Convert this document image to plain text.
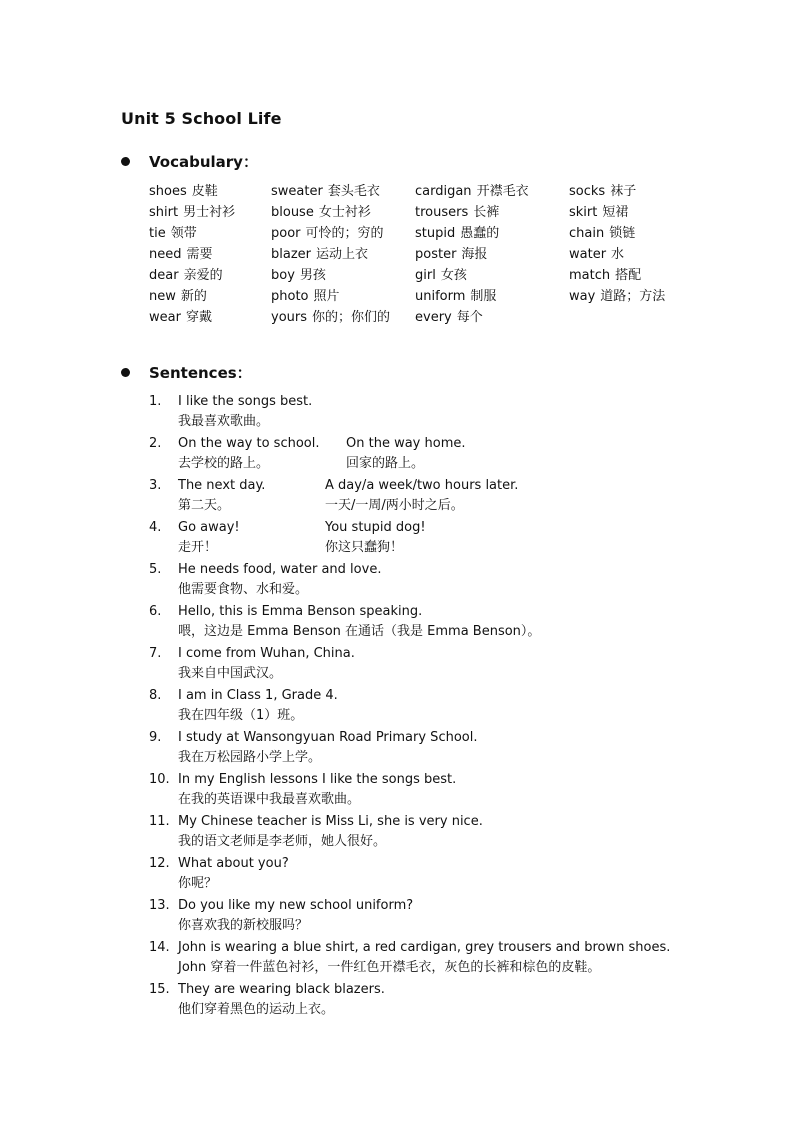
Unit 5 School Life
Vocabulary：
shoes 皮鞋
shirt 男士衬衫
tie 领带
need 需要
dear 亲爱的
new 新的
wear 穿戴
sweater 套头毛衣
blouse 女士衬衫
poor 可怜的；穷的
blazer 运动上衣
boy 男孩
photo 照片
yours 你的；你们的
cardigan 开襟毛衣
trousers 长裤
stupid 愚蠢的
poster 海报
girl 女孩
uniform 制服
every 每个
socks 袜子
skirt 短裙
chain 锁链
water 水
match 搭配
way 道路；方法
Sentences：
1. I like the songs best.
我最喜欢歌曲。
2. On the way to school.
去学校的路上。
On the way home.
回家的路上。
3. The next day.
第二天。
A day/a week/two hours later.
一天/一周/两小时之后。
4. Go away!
走开！
You stupid dog!
你这只蠢狗！
5. He needs food, water and love.
他需要食物、水和爱。
6. Hello, this is Emma Benson speaking.
喂，这边是 Emma Benson 在通话（我是 Emma Benson）。
7. I come from Wuhan, China.
我来自中国武汉。
8. I am in Class 1, Grade 4.
我在四年级（1）班。
9. I study at Wansongyuan Road Primary School.
我在万松园路小学上学。
10. In my English lessons I like the songs best.
在我的英语课中我最喜欢歌曲。
11. My Chinese teacher is Miss Li, she is very nice.
我的语文老师是李老师，她人很好。
12. What about you?
你呢？
13. Do you like my new school uniform?
你喜欢我的新校服吗？
14. John is wearing a blue shirt, a red cardigan, grey trousers and brown shoes.
John 穿着一件蓝色衬衫，一件红色开襟毛衣，灰色的长裤和棕色的皮鞋。
15. They are wearing black blazers.
他们穿着黑色的运动上衣。
